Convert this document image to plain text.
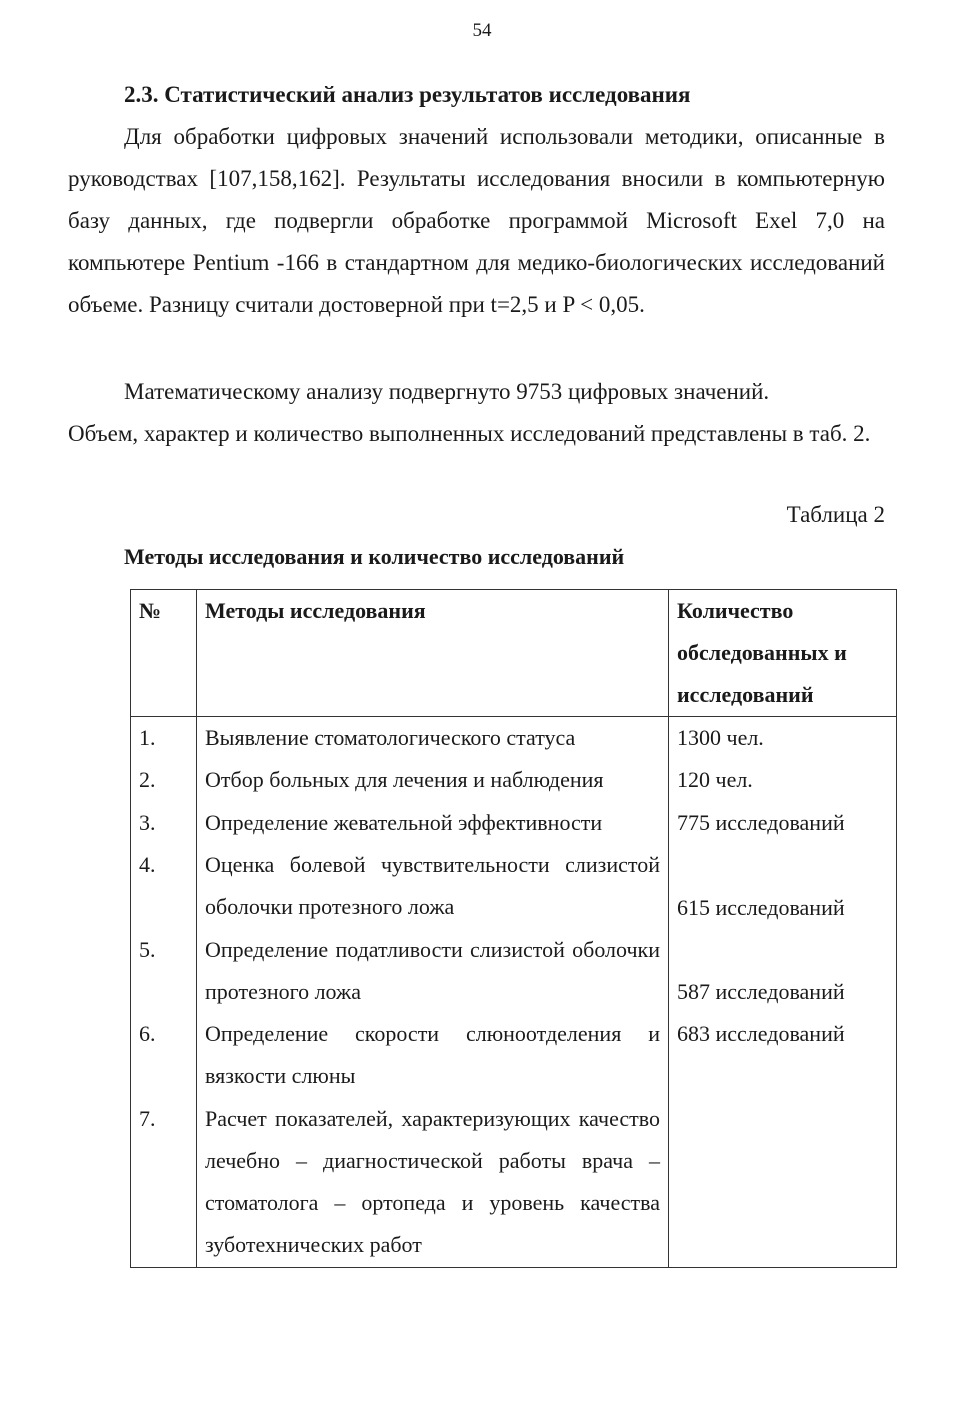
54
2.3. Статистический анализ результатов исследования

Для обработки цифровых значений использовали методики, описанные в руководствах [107,158,162]. Результаты исследования вносили в компьютерную базу данных, где подвергли обработке программой Microsoft Exel 7,0 на компьютере Pentium -166 в стандартном для медико-биологических исследований объеме. Разницу считали достоверной при t=2,5 и P < 0,05.

Математическому анализу подвергнуто 9753 цифровых значений.

Объем, характер и количество выполненных исследований представлены в таб. 2.

Таблица 2
Методы исследования и количество исследований
№	Методы исследования	Количество обследованных и исследований
1.	Выявление стоматологического статуса	1300 чел.
2.	Отбор больных для лечения и наблюдения	120 чел.
3.	Определение жевательной эффективности	775 исследований
4.	Оценка болевой чувствительности слизистой оболочки протезного ложа	615 исследований
5.	Определение податливости слизистой оболочки протезного ложа	587 исследований
6.	Определение скорости слюноотделения и вязкости слюны	683 исследований
7.	Расчет показателей, характеризующих качество лечебно – диагностической работы врача – стоматолога – ортопеда и уровень качества зуботехнических работ	
